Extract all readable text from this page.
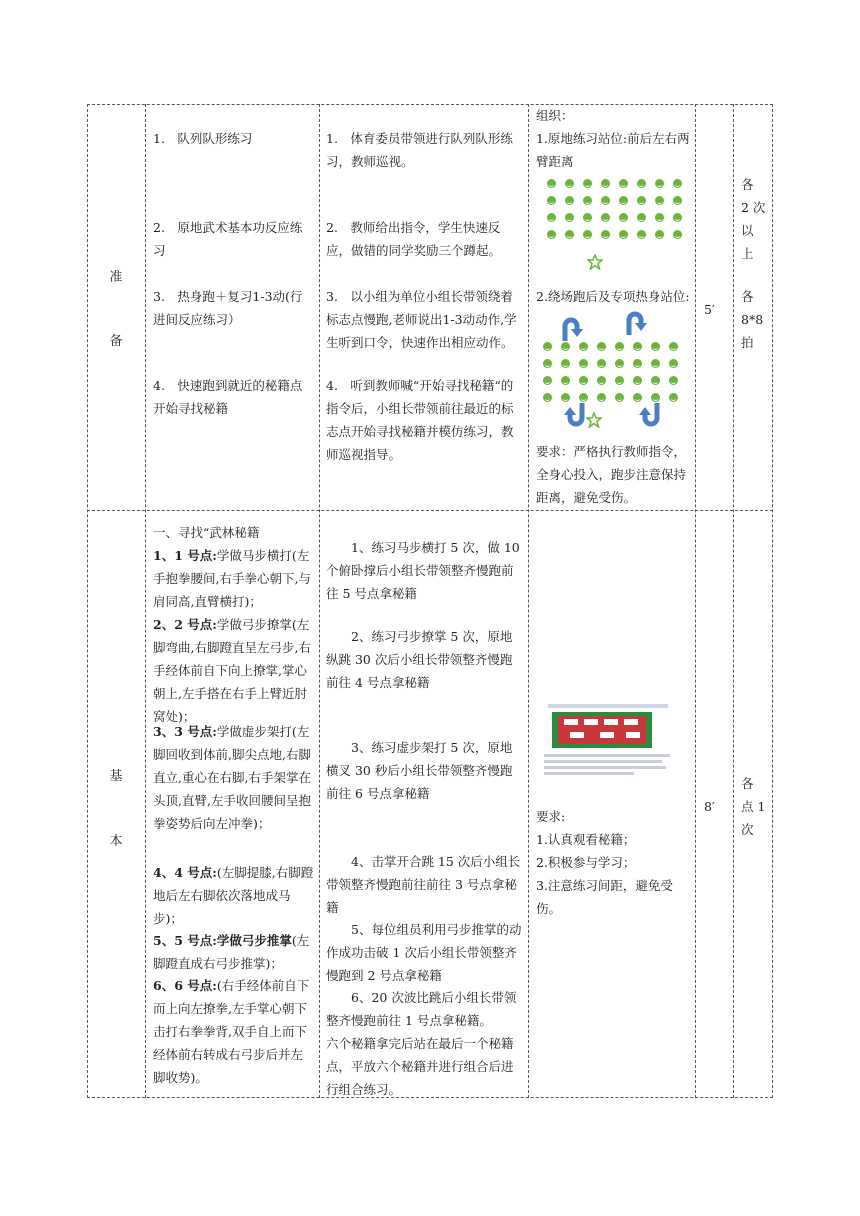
准
备
1.　队列队形练习
2.　原地武术基本功反应练习
3.　热身跑＋复习1-3动(行进间反应练习）
4.　快速跑到就近的秘籍点开始寻找秘籍
1.　体育委员带领进行队列队形练习，教师巡视。
2.　教师给出指令，学生快速反应，做错的同学奖励三个蹲起。
3.　以小组为单位小组长带领绕着标志点慢跑,老师说出1-3动动作,学生听到口令，快速作出相应动作。
4.　听到教师喊“开始寻找秘籍“的指令后，小组长带领前往最近的标志点开始寻找秘籍并模仿练习，教师巡视指导。
组织：
1.原地练习站位:前后左右两臂距离
2.绕场跑后及专项热身站位:
要求：严格执行教师指令，全身心投入，跑步注意保持距离，避免受伤。
5′
各
2 次
以
上
各
8*8
拍
基
本
一、寻找“武林秘籍
1、1 号点:学做马步横打(左手抱拳腰间,右手拳心朝下,与肩同高,直臂横打)；
2、2 号点:学做弓步撩掌(左脚弯曲,右脚蹬直呈左弓步,右手经体前自下向上撩掌,掌心朝上,左手搭在右手上臂近肘窝处)；
3、3 号点:学做虚步架打(左脚回收到体前,脚尖点地,右脚直立,重心在右脚,右手架掌在头顶,直臂,左手收回腰间呈抱拳姿势后向左冲拳)；
4、4 号点:(左脚提膝,右脚蹬地后左右脚依次落地成马步)；
5、5 号点:学做弓步推掌(左脚蹬直成右弓步推掌)；
6、6 号点:(右手经体前自下而上向左撩拳,左手掌心朝下击打右拳拳背,双手自上而下经体前右转成右弓步后并左脚收势)。
1、练习马步横打 5 次，做 10 个俯卧撑后小组长带领整齐慢跑前往 5 号点拿秘籍
2、练习弓步撩掌 5 次，原地纵跳 30 次后小组长带领整齐慢跑前往 4 号点拿秘籍
3、练习虚步架打 5 次，原地横叉 30 秒后小组长带领整齐慢跑前往 6 号点拿秘籍
4、击掌开合跳 15 次后小组长带领整齐慢跑前往前往 3 号点拿秘籍
5、每位组员利用弓步推掌的动作成功击破 1 次后小组长带领整齐慢跑到 2 号点拿秘籍
6、20 次波比跳后小组长带领整齐慢跑前往 1 号点拿秘籍。
六个秘籍拿完后站在最后一个秘籍点，平放六个秘籍并进行组合后进行组合练习。
要求:
1.认真观看秘籍；
2.积极参与学习；
3.注意练习间距，避免受伤。
8′
各
点 1
次
